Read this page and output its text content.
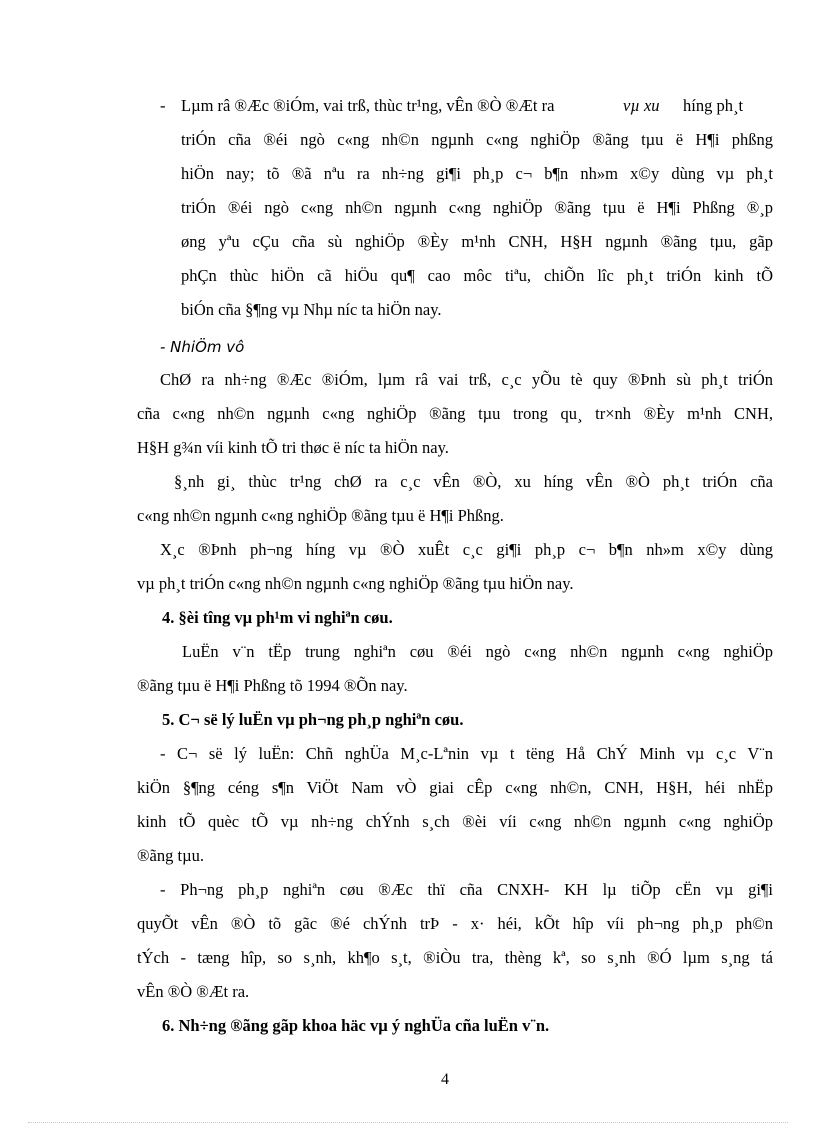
- Lµm râ ®Æc ®iÓm, vai trß, thùc tr¹ng, vÊn ®Ò ®Æt ra	vµ xu híng ph¸t

triÓn cña ®éi ngò c«ng nh©n ngµnh c«ng nghiÖp ®ãng tµu ë H¶i phßng

hiÖn nay; tõ ®ã nªu ra nh÷ng gi¶i ph¸p c¬ b¶n nh»m x©y dùng vµ ph¸t

triÓn ®éi ngò c«ng nh©n ngµnh c«ng nghiÖp ®ãng tµu ë H¶i Phßng ®¸p

øng yªu cÇu cña sù nghiÖp ®Èy m¹nh CNH, H§H ngµnh ®ãng tµu, gãp

phÇn thùc hiÖn cã hiÖu qu¶ cao môc tiªu, chiÕn lîc ph¸t triÓn kinh tÕ

biÓn cña §¶ng vµ Nhµ níc ta hiÖn nay.

- NhiÖm vô

ChØ ra nh÷ng ®Æc ®iÓm, lµm râ vai trß, c¸c yÕu tè quy ®Þnh sù ph¸t triÓn

cña c«ng nh©n ngµnh c«ng nghiÖp ®ãng tµu trong qu¸ tr×nh ®Èy m¹nh CNH,

H§H g¾n víi kinh tÕ tri thøc ë níc ta hiÖn nay.

§¸nh gi¸ thùc tr¹ng chØ ra c¸c vÊn ®Ò, xu híng vÊn ®Ò ph¸t triÓn cña

c«ng nh©n ngµnh c«ng nghiÖp ®ãng tµu ë H¶i Phßng.

X¸c ®Þnh ph¬ng híng vµ ®Ò xuÊt c¸c gi¶i ph¸p c¬ b¶n nh»m x©y dùng

vµ ph¸t triÓn c«ng nh©n ngµnh c«ng nghiÖp ®ãng tµu hiÖn nay.

4. §èi tîng vµ ph¹m vi nghiªn cøu.

LuËn v¨n tËp trung nghiªn cøu ®éi ngò c«ng nh©n ngµnh c«ng nghiÖp

®ãng tµu ë H¶i Phßng tõ 1994 ®Õn nay.

5. C¬ së lý luËn vµ ph¬ng ph¸p nghiªn cøu.

- C¬ së lý luËn: Chñ nghÜa M¸c-Lªnin vµ t tëng Hå ChÝ Minh vµ c¸c V¨n

kiÖn §¶ng céng s¶n ViÖt Nam vÒ giai cÊp c«ng nh©n, CNH, H§H, héi nhËp

kinh tÕ quèc tÕ vµ nh÷ng chÝnh s¸ch ®èi víi c«ng nh©n ngµnh c«ng nghiÖp

®ãng tµu.

- Ph¬ng ph¸p nghiªn cøu ®Æc thï cña CNXH- KH lµ tiÕp cËn vµ gi¶i

quyÕt vÊn ®Ò tõ gãc ®é chÝnh trÞ - x· héi, kÕt hîp víi ph¬ng ph¸p ph©n

tÝch - tæng hîp, so s¸nh, kh¶o s¸t, ®iÒu tra, thèng kª, so s¸nh ®Ó lµm s¸ng tá

vÊn ®Ò ®Æt ra.

6. Nh÷ng ®ãng gãp khoa häc vµ ý nghÜa cña luËn v¨n.

4
